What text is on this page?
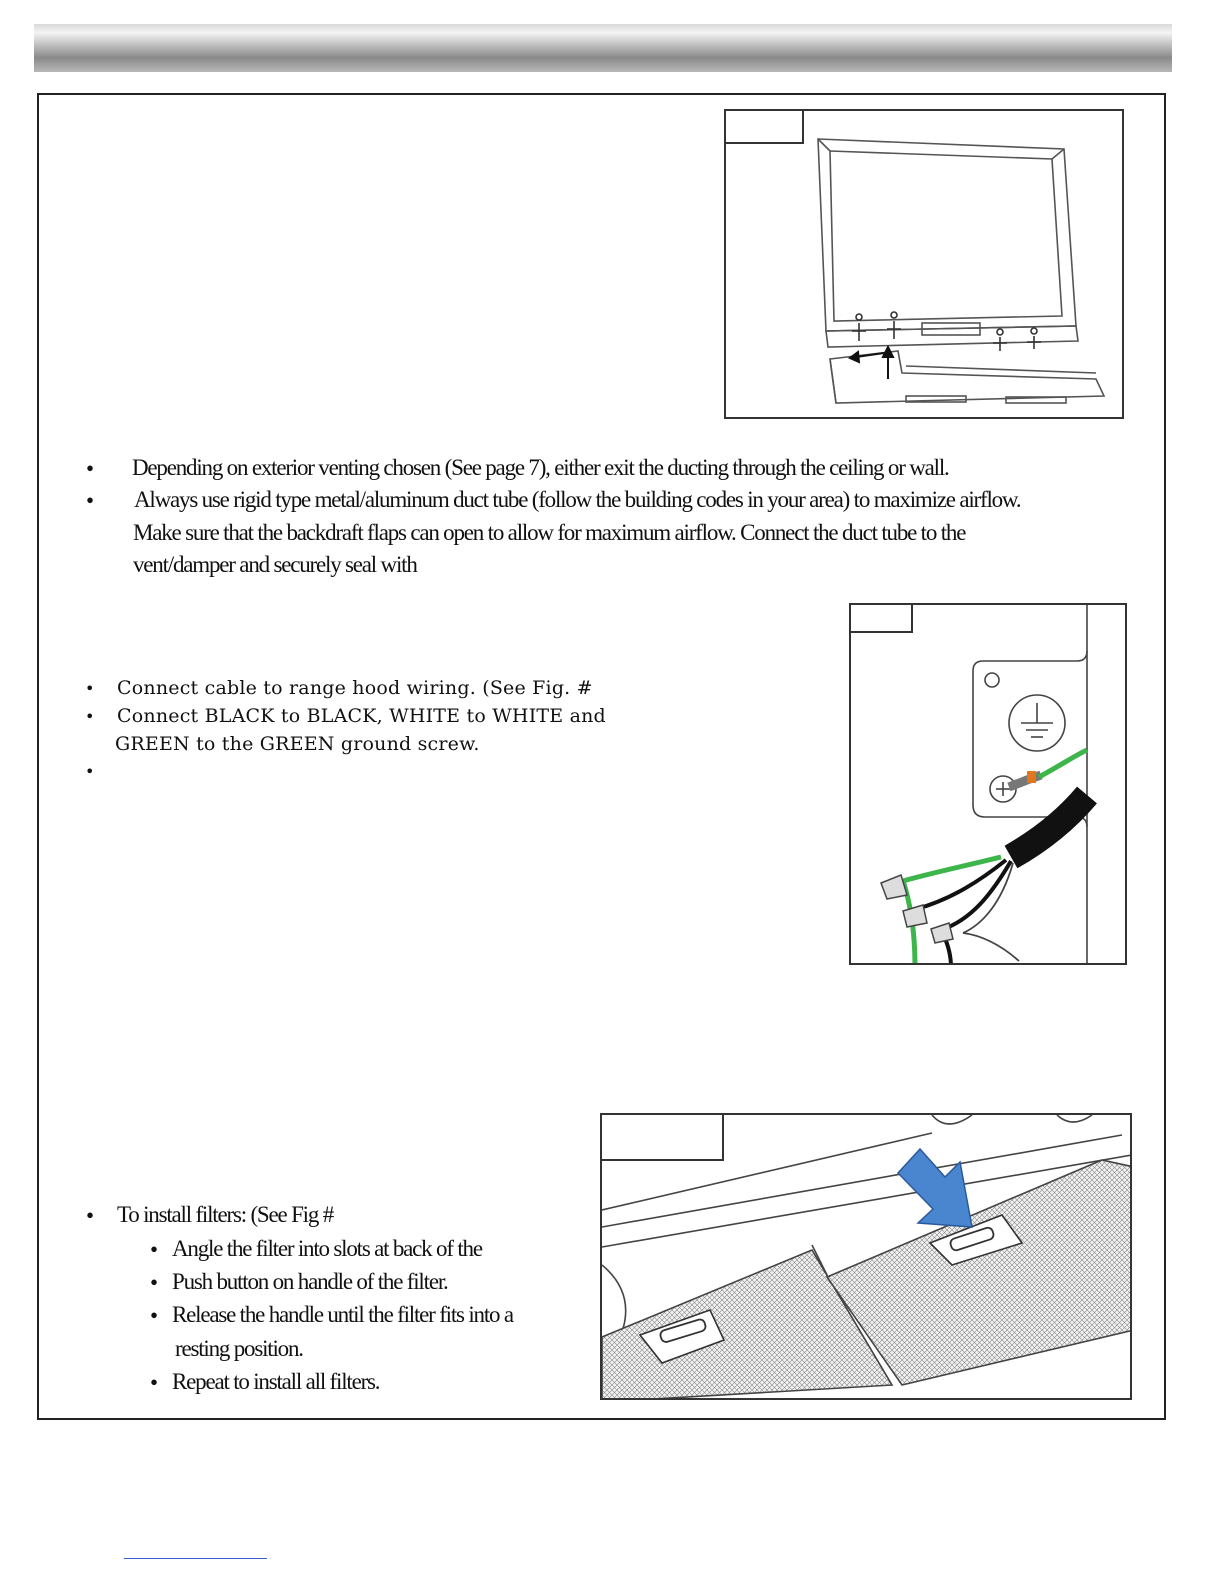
• Depending on exterior venting chosen (See page 7), either exit the ducting through the ceiling or wall.
• Always use rigid type metal/aluminum duct tube (follow the building codes in your area) to maximize airflow.
Make sure that the backdraft flaps can open to allow for maximum airflow. Connect the duct tube to the
vent/damper and securely seal with
• Connect cable to range hood wiring. (See Fig. #
• Connect BLACK to BLACK, WHITE to WHITE and
GREEN to the GREEN ground screw.
•
• To install filters: (See Fig #
• Angle the filter into slots at back of the
• Push button on handle of the filter.
• Release the handle until the filter fits into a
resting position.
• Repeat to install all filters.
